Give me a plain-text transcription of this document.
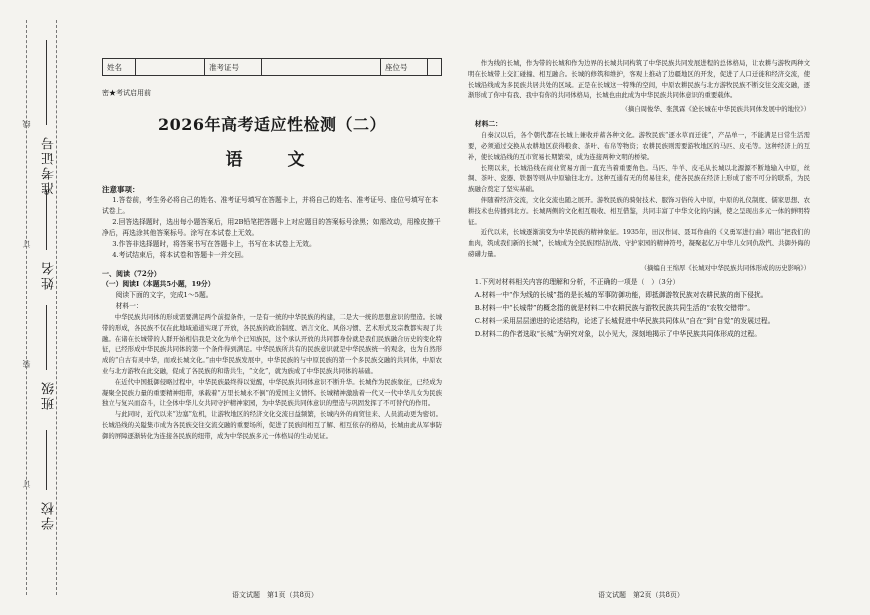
线
订
装
订
学校
班级
姓名
准考证号
姓名		准考证号		座位号	
密★考试启用前
2026年高考适应性检测（二）
语　文
注意事项：

1.答卷前，考生务必将自己的姓名、准考证号填写在答题卡上，并将自己的姓名、准考证号、座位号填写在本试卷上。

2.回答选择题时，选出每小题答案后，用2B铅笔把答题卡上对应题目的答案标号涂黑；如需改动，用橡皮擦干净后，再选涂其他答案标号。涂写在本试卷上无效。

3.作答非选择题时，将答案书写在答题卡上，书写在本试卷上无效。

4.考试结束后，将本试卷和答题卡一并交回。

一、阅读（72分）

（一）阅读Ⅰ（本题共5小题，19分）

阅读下面的文字，完成1～5题。

材料一：

中华民族共同体的形成需要满足两个前提条件，一是有一统的中华民族的构建，二是大一统的思想意识的塑造。长城带的形成，各民族不仅在此地域通道实现了开放，各民族的政治制度、语言文化、风俗习惯、艺术形式及宗教都实现了共融。在诸在长城带的人群开始相信我是文化为单个已知族民，这个承认开放的共同都身份就是我们民族融合历史的变化特征，已经形成中华民族共同体的第一个条件得到满足。中华民族所共有的民族意识就是中华民族统一的观念，也为自然形成的“自古有灵中华，而或长城文化。”由中华民族发展中，中华民族的与中原民族的第一个多民族交融的共同体，中原农业与北方游牧在此交融，促成了各民族的和谐共生，“文化”，就为族成了中华民族共同体的基础。

在近代中国抵御侵略过程中，中华民族最终得以觉醒，中华民族共同体意识不断升华。长城作为民族象征，已经成为凝聚全民族力量的重要精神纽带，承载着“万里长城永不倒”的爱国主义情怀。长城精神激励着一代又一代中华儿女为民族独立与复兴而奋斗，让全体中华儿女共同守护精神家园，为中华民族共同体意识的塑造与巩固发挥了不可替代的作用。

与此同时，近代以来“边塞”危机，让游牧地区的经济文化交流日益频繁，长城内外的商贸往来、人员流动更为密切。长城沿线的关隘集市成为各民族交往交流交融的重要场所，促进了民族间相互了解、相互依存的格局，长城由此从军事防御的屏障逐渐转化为连接各民族的纽带，成为中华民族多元一体格局的生动见证。

作为线的长城，作为带的长城和作为边界的长城共同构筑了中华民族共同发展进程的总体格局，让农耕与游牧两种文明在长城带上交汇碰撞、相互融合。长城的修筑和维护，客观上推动了边疆地区的开发，促进了人口迁徙和经济交流，使长城沿线成为多民族共居共处的区域。正是在长城这一特殊的空间，中原农耕民族与北方游牧民族不断交往交流交融，逐渐形成了你中有我、我中有你的共同体格局，长城也由此成为中华民族共同体意识的重要载体。

（摘自周俊华、张凯霖《论长城在中华民族共同体发展中的地位》）
材料二：

自秦汉以后，各个朝代都在长城上兼收并蓄各种文化。游牧民族“逐水草而迁徙”，产品单一，不能满足日常生活需要，必须通过交换从农耕地区获得粮食、茶叶、布帛等物资；农耕民族则需要游牧地区的马匹、皮毛等。这种经济上的互补，使长城沿线的互市贸易长期繁荣，成为连接两种文明的桥梁。

长期以来，长城沿线在商业贸易方面一直充当着重要角色。马匹、牛羊、皮毛从长城以北源源不断地输入中原，丝绸、茶叶、瓷器、铁器等则从中原输往北方。这种互通有无的贸易往来，使各民族在经济上形成了密不可分的联系，为民族融合奠定了坚实基础。

伴随着经济交流，文化交流也随之展开。游牧民族的骑射技术、服饰习俗传入中原，中原的礼仪制度、儒家思想、农耕技术也传播到北方。长城两侧的文化相互吸收、相互借鉴，共同丰富了中华文化的内涵，使之呈现出多元一体的鲜明特征。

近代以来，长城逐渐演变为中华民族的精神象征。1935年，田汉作词、聂耳作曲的《义勇军进行曲》唱出“把我们的血肉，筑成我们新的长城”，长城成为全民族团结抗战、守护家园的精神符号，凝聚起亿万中华儿女同仇敌忾、共御外侮的磅礴力量。

（摘编自王绵厚《长城对中华民族共同体形成的历史影响》）

1.下列对材料相关内容的理解和分析，不正确的一项是（　）（3分）

A.材料一中“作为线的长城”指的是长城的军事防御功能，即抵御游牧民族对农耕民族的南下侵扰。

B.材料一中“长城带”的概念指的就是材料二中农耕民族与游牧民族共同生活的“农牧交错带”。

C.材料一采用层层递进的论述结构，论述了长城促进中华民族共同体从“自在”到“自觉”的发展过程。

D.材料二的作者选取“长城”为研究对象，以小见大，深刻地揭示了中华民族共同体形成的过程。

语文试题　第1页（共8页）	语文试题　第2页（共8页）
